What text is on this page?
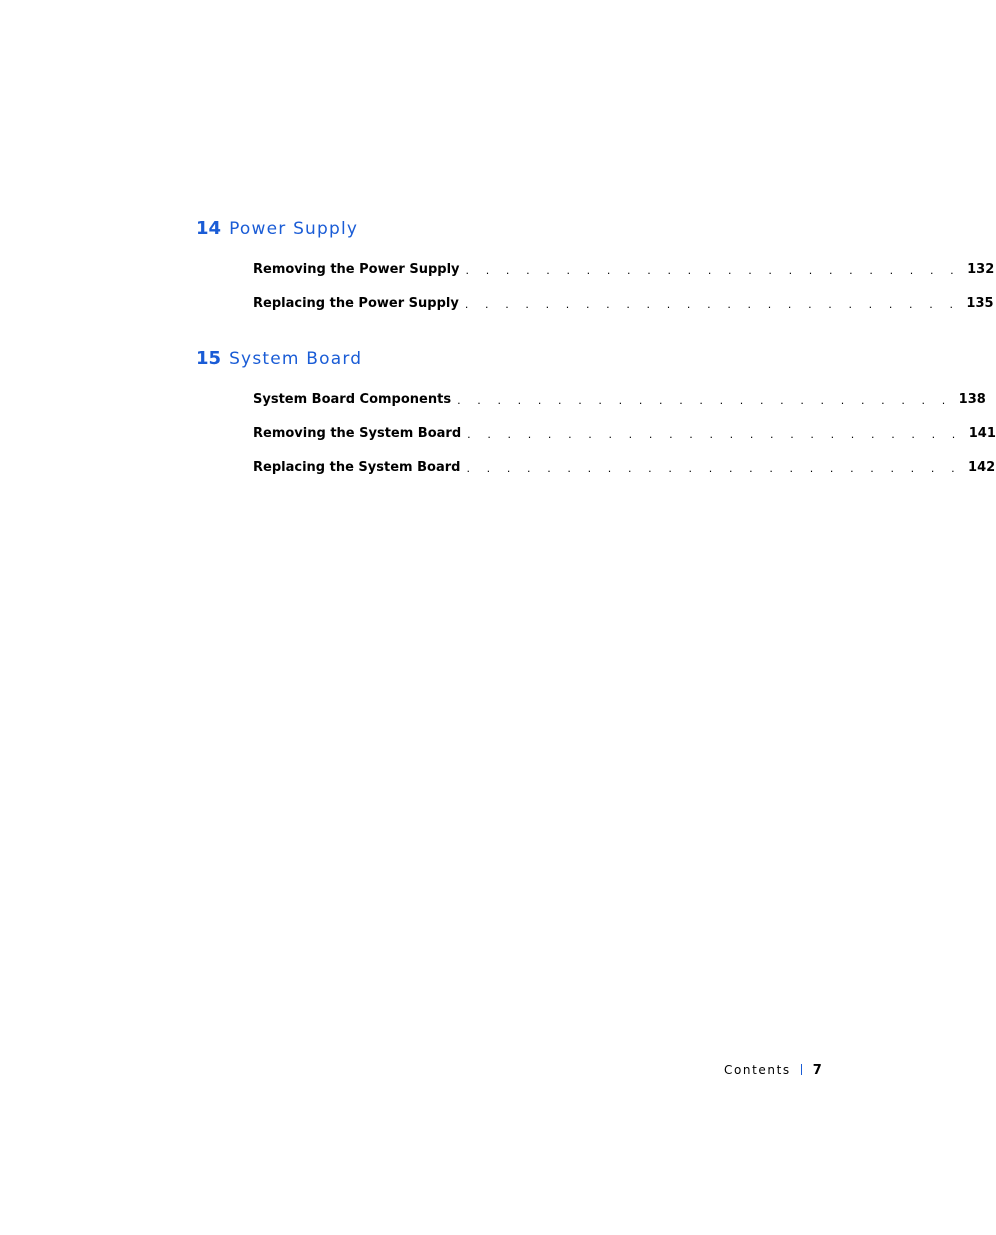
14 Power Supply
Removing the Power Supply . . . . . . . . . . . . . . . . . . . . . . . . . 132
Replacing the Power Supply . . . . . . . . . . . . . . . . . . . . . . . . . 135
15 System Board
System Board Components . . . . . . . . . . . . . . . . . . . . . . . . . 138
Removing the System Board . . . . . . . . . . . . . . . . . . . . . . . . . 141
Replacing the System Board . . . . . . . . . . . . . . . . . . . . . . . . . 142
Contents 7
